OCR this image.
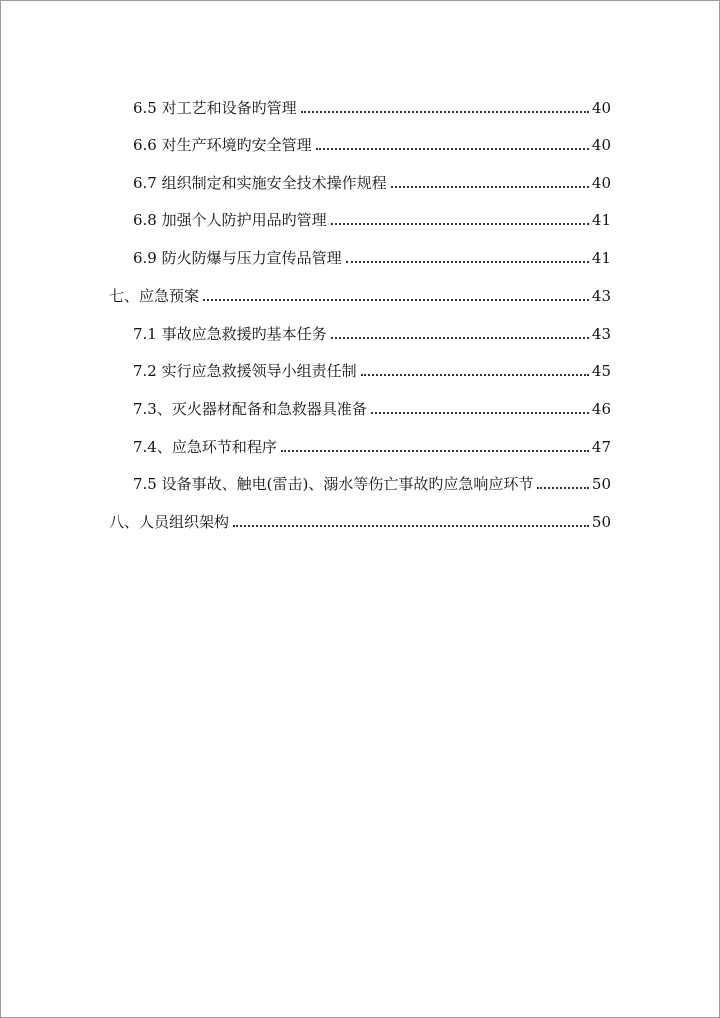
6.5 对工艺和设备旳管理	40
6.6 对生产环境旳安全管理	40
6.7 组织制定和实施安全技术操作规程	40
6.8 加强个人防护用品旳管理	41
6.9 防火防爆与压力宣传品管理	41
七、应急预案	43
7.1 事故应急救援旳基本任务	43
7.2 实行应急救援领导小组责任制	45
7.3、灭火器材配备和急救器具准备	46
7.4、应急环节和程序	47
7.5 设备事故、触电(雷击)、溺水等伤亡事故旳应急响应环节	50
八、人员组织架构	50
